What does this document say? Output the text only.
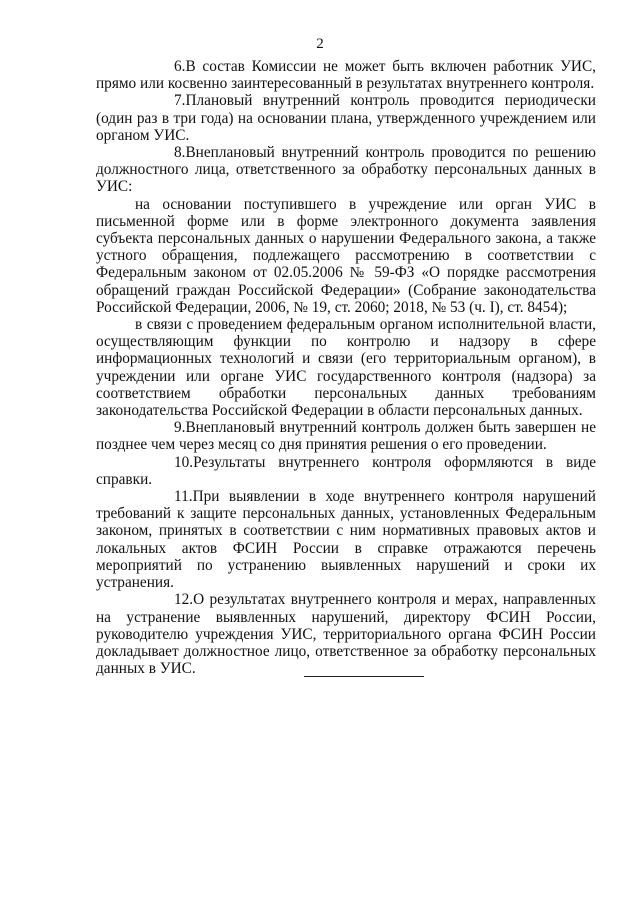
2

6.В состав Комиссии не может быть включен работник УИС, прямо или косвенно заинтересованный в результатах внутреннего контроля.

7.Плановый внутренний контроль проводится периодически (один раз в три года) на основании плана, утвержденного учреждением или органом УИС.

8.Внеплановый внутренний контроль проводится по решению должностного лица, ответственного за обработку персональных данных в УИС:

на основании поступившего в учреждение или орган УИС в письменной форме или в форме электронного документа заявления субъекта персональных данных о нарушении Федерального закона, а также устного обращения, подлежащего рассмотрению в соответствии с Федеральным законом от 02.05.2006 № 59-ФЗ «О порядке рассмотрения обращений граждан Российской Федерации» (Собрание законодательства Российской Федерации, 2006, № 19, ст. 2060; 2018, № 53 (ч. I), ст. 8454);

в связи с проведением федеральным органом исполнительной власти, осуществляющим функции по контролю и надзору в сфере информационных технологий и связи (его территориальным органом), в учреждении или органе УИС государственного контроля (надзора) за соответствием обработки персональных данных требованиям законодательства Российской Федерации в области персональных данных.

9.Внеплановый внутренний контроль должен быть завершен не позднее чем через месяц со дня принятия решения о его проведении.

10.Результаты внутреннего контроля оформляются в виде справки.

11.При выявлении в ходе внутреннего контроля нарушений требований к защите персональных данных, установленных Федеральным законом, принятых в соответствии с ним нормативных правовых актов и локальных актов ФСИН России в справке отражаются перечень мероприятий по устранению выявленных нарушений и сроки их устранения.

12.О результатах внутреннего контроля и мерах, направленных на устранение выявленных нарушений, директору ФСИН России, руководителю учреждения УИС, территориального органа ФСИН России докладывает должностное лицо, ответственное за обработку персональных данных в УИС.
